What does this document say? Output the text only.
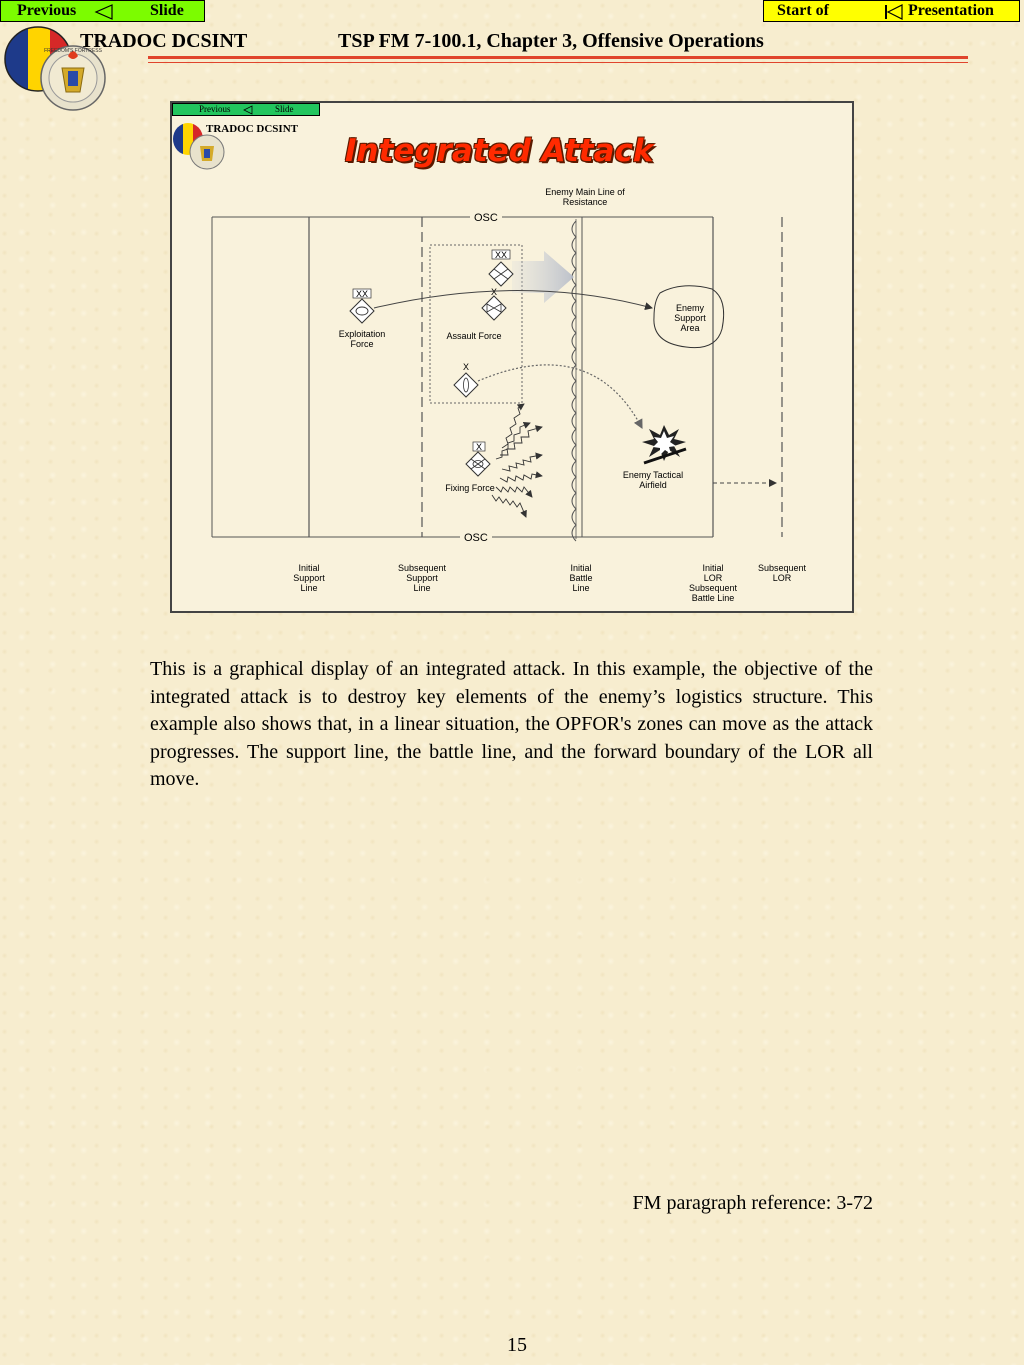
Previous	Slide	Start of	Presentation
FREEDOM'S FORTRESS
TRADOC DCSINT	TSP FM 7-100.1, Chapter 3, Offensive Operations
Previous	Slide
TRADOC DCSINT
Integrated Attack
Enemy Main Line of
Resistance
OSC
OSC
XX
Exploitation
Force
XX
X
X
Assault Force
X
Fixing Force
Enemy
Support
Area
Enemy Tactical
Airfield
Initial
Support
Line
Subsequent
Support
Line
Initial
Battle
Line
Initial
LOR
Subsequent
Battle Line
Subsequent
LOR
This is a graphical display of an integrated attack. In this example, the objective of the integrated attack is to destroy key elements of the enemy’s logistics structure. This example also shows that, in a linear situation, the OPFOR's zones can move as the attack progresses. The support line, the battle line, and the forward boundary of the LOR all move.
FM paragraph reference: 3-72
15
